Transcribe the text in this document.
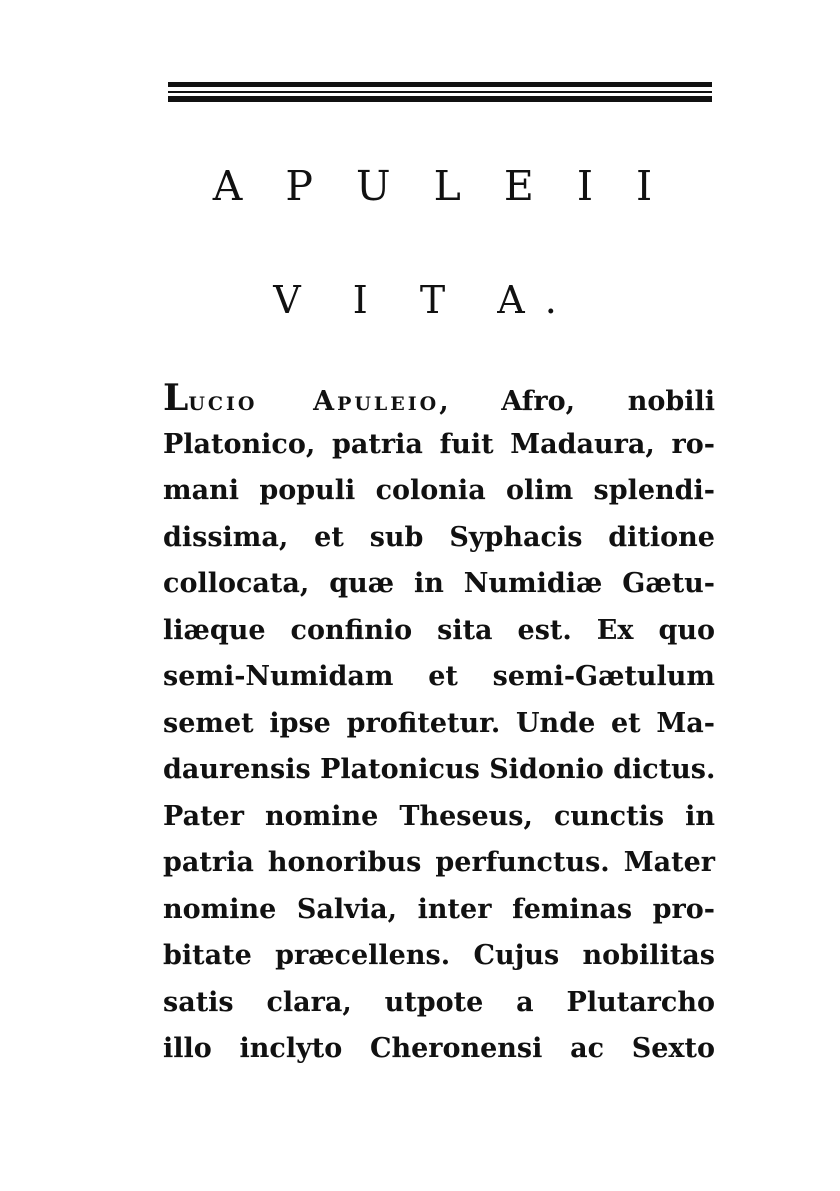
A P U L E I I
V I T A.
Lucio Apuleio, Afro, nobili
Platonico, patria fuit Madaura, ro-
mani populi colonia olim splendi-
dissima, et sub Syphacis ditione
collocata, quæ in Numidiæ Gætu-
liæque confinio sita est. Ex quo
semi-Numidam et semi-Gætulum
semet ipse profitetur. Unde et Ma-
daurensis Platonicus Sidonio dictus.
Pater nomine Theseus, cunctis in
patria honoribus perfunctus. Mater
nomine Salvia, inter feminas pro-
bitate præcellens. Cujus nobilitas
satis clara, utpote a Plutarcho
illo inclyto Cheronensi ac Sexto
